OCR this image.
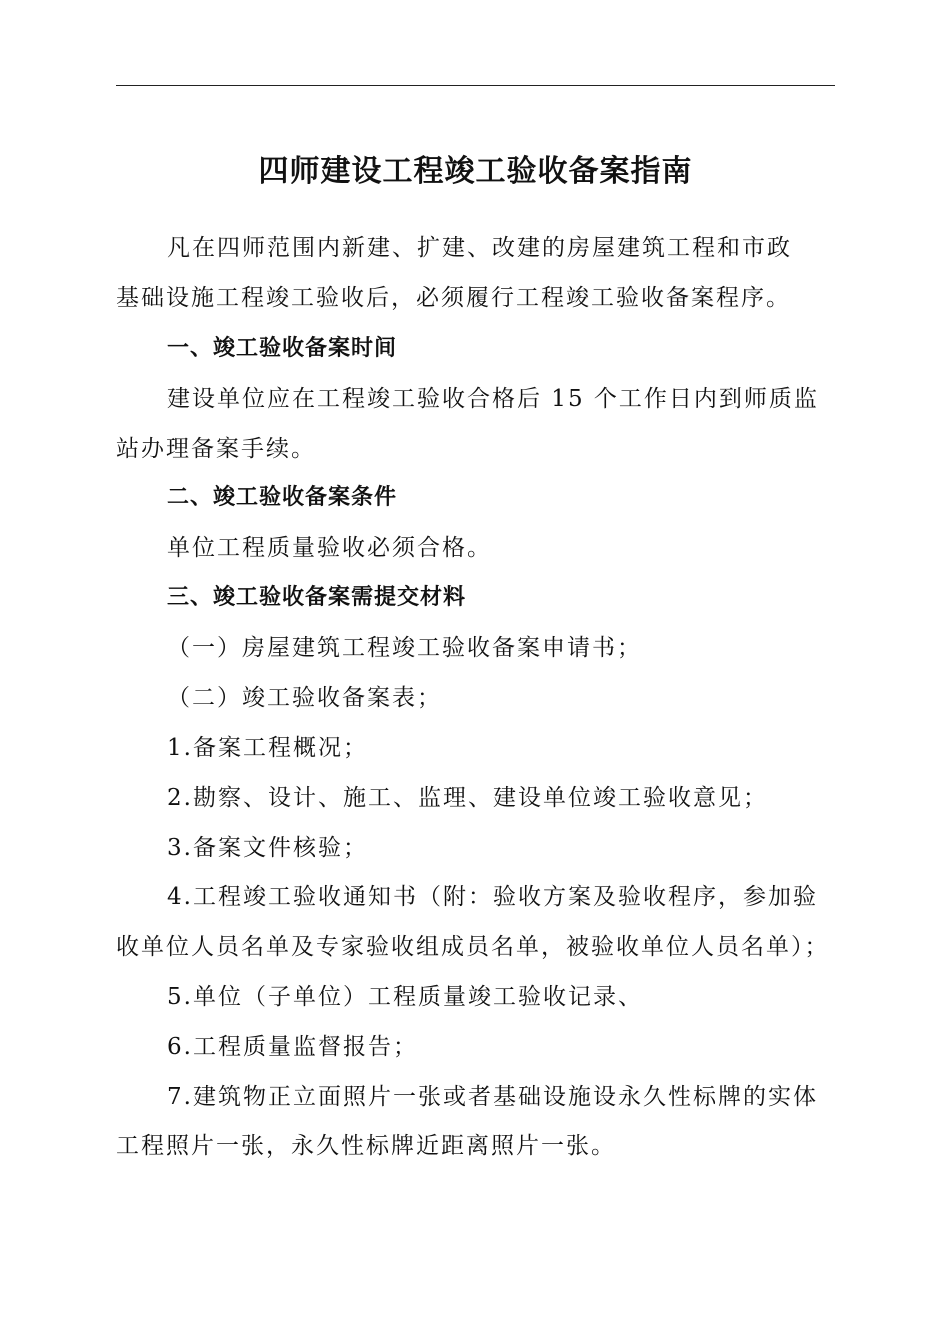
四师建设工程竣工验收备案指南
凡在四师范围内新建、扩建、改建的房屋建筑工程和市政
基础设施工程竣工验收后，必须履行工程竣工验收备案程序。
一、竣工验收备案时间
建设单位应在工程竣工验收合格后 15 个工作日内到师质监
站办理备案手续。
二、竣工验收备案条件
单位工程质量验收必须合格。
三、竣工验收备案需提交材料
（一）房屋建筑工程竣工验收备案申请书；
（二）竣工验收备案表；
1.备案工程概况；
2.勘察、设计、施工、监理、建设单位竣工验收意见；
3.备案文件核验；
4.工程竣工验收通知书（附：验收方案及验收程序，参加验
收单位人员名单及专家验收组成员名单，被验收单位人员名单）；
5.单位（子单位）工程质量竣工验收记录、
6.工程质量监督报告；
7.建筑物正立面照片一张或者基础设施设永久性标牌的实体
工程照片一张，永久性标牌近距离照片一张。
